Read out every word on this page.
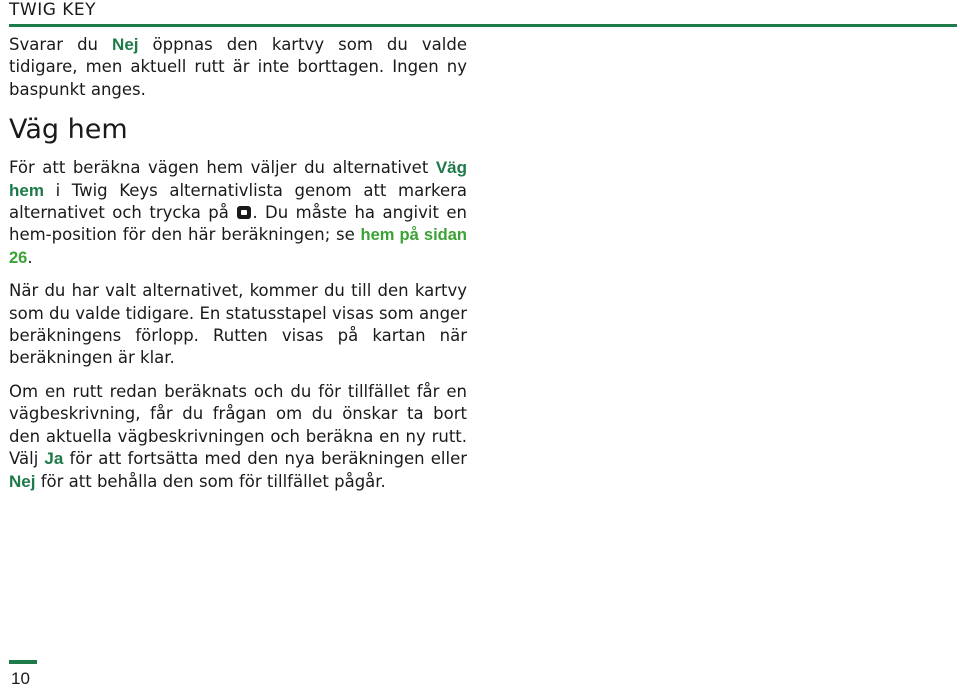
TWIG KEY

Svarar du Nej öppnas den kartvy som du valde tidigare, men aktuell rutt är inte borttagen. Ingen ny baspunkt anges.

Väg hem

För att beräkna vägen hem väljer du alternativet Väg hem i Twig Keys alternativlista genom att markera alternativet och trycka på . Du måste ha angivit en hem-position för den här beräkningen; se hem på sidan 26.

När du har valt alternativet, kommer du till den kartvy som du valde tidigare. En statusstapel visas som anger beräkningens förlopp. Rutten visas på kartan när beräkningen är klar.

Om en rutt redan beräknats och du för tillfället får en vägbeskrivning, får du frågan om du önskar ta bort den aktuella vägbeskrivningen och beräkna en ny rutt. Välj Ja för att fortsätta med den nya beräkningen eller Nej för att behålla den som för tillfället pågår.

10
